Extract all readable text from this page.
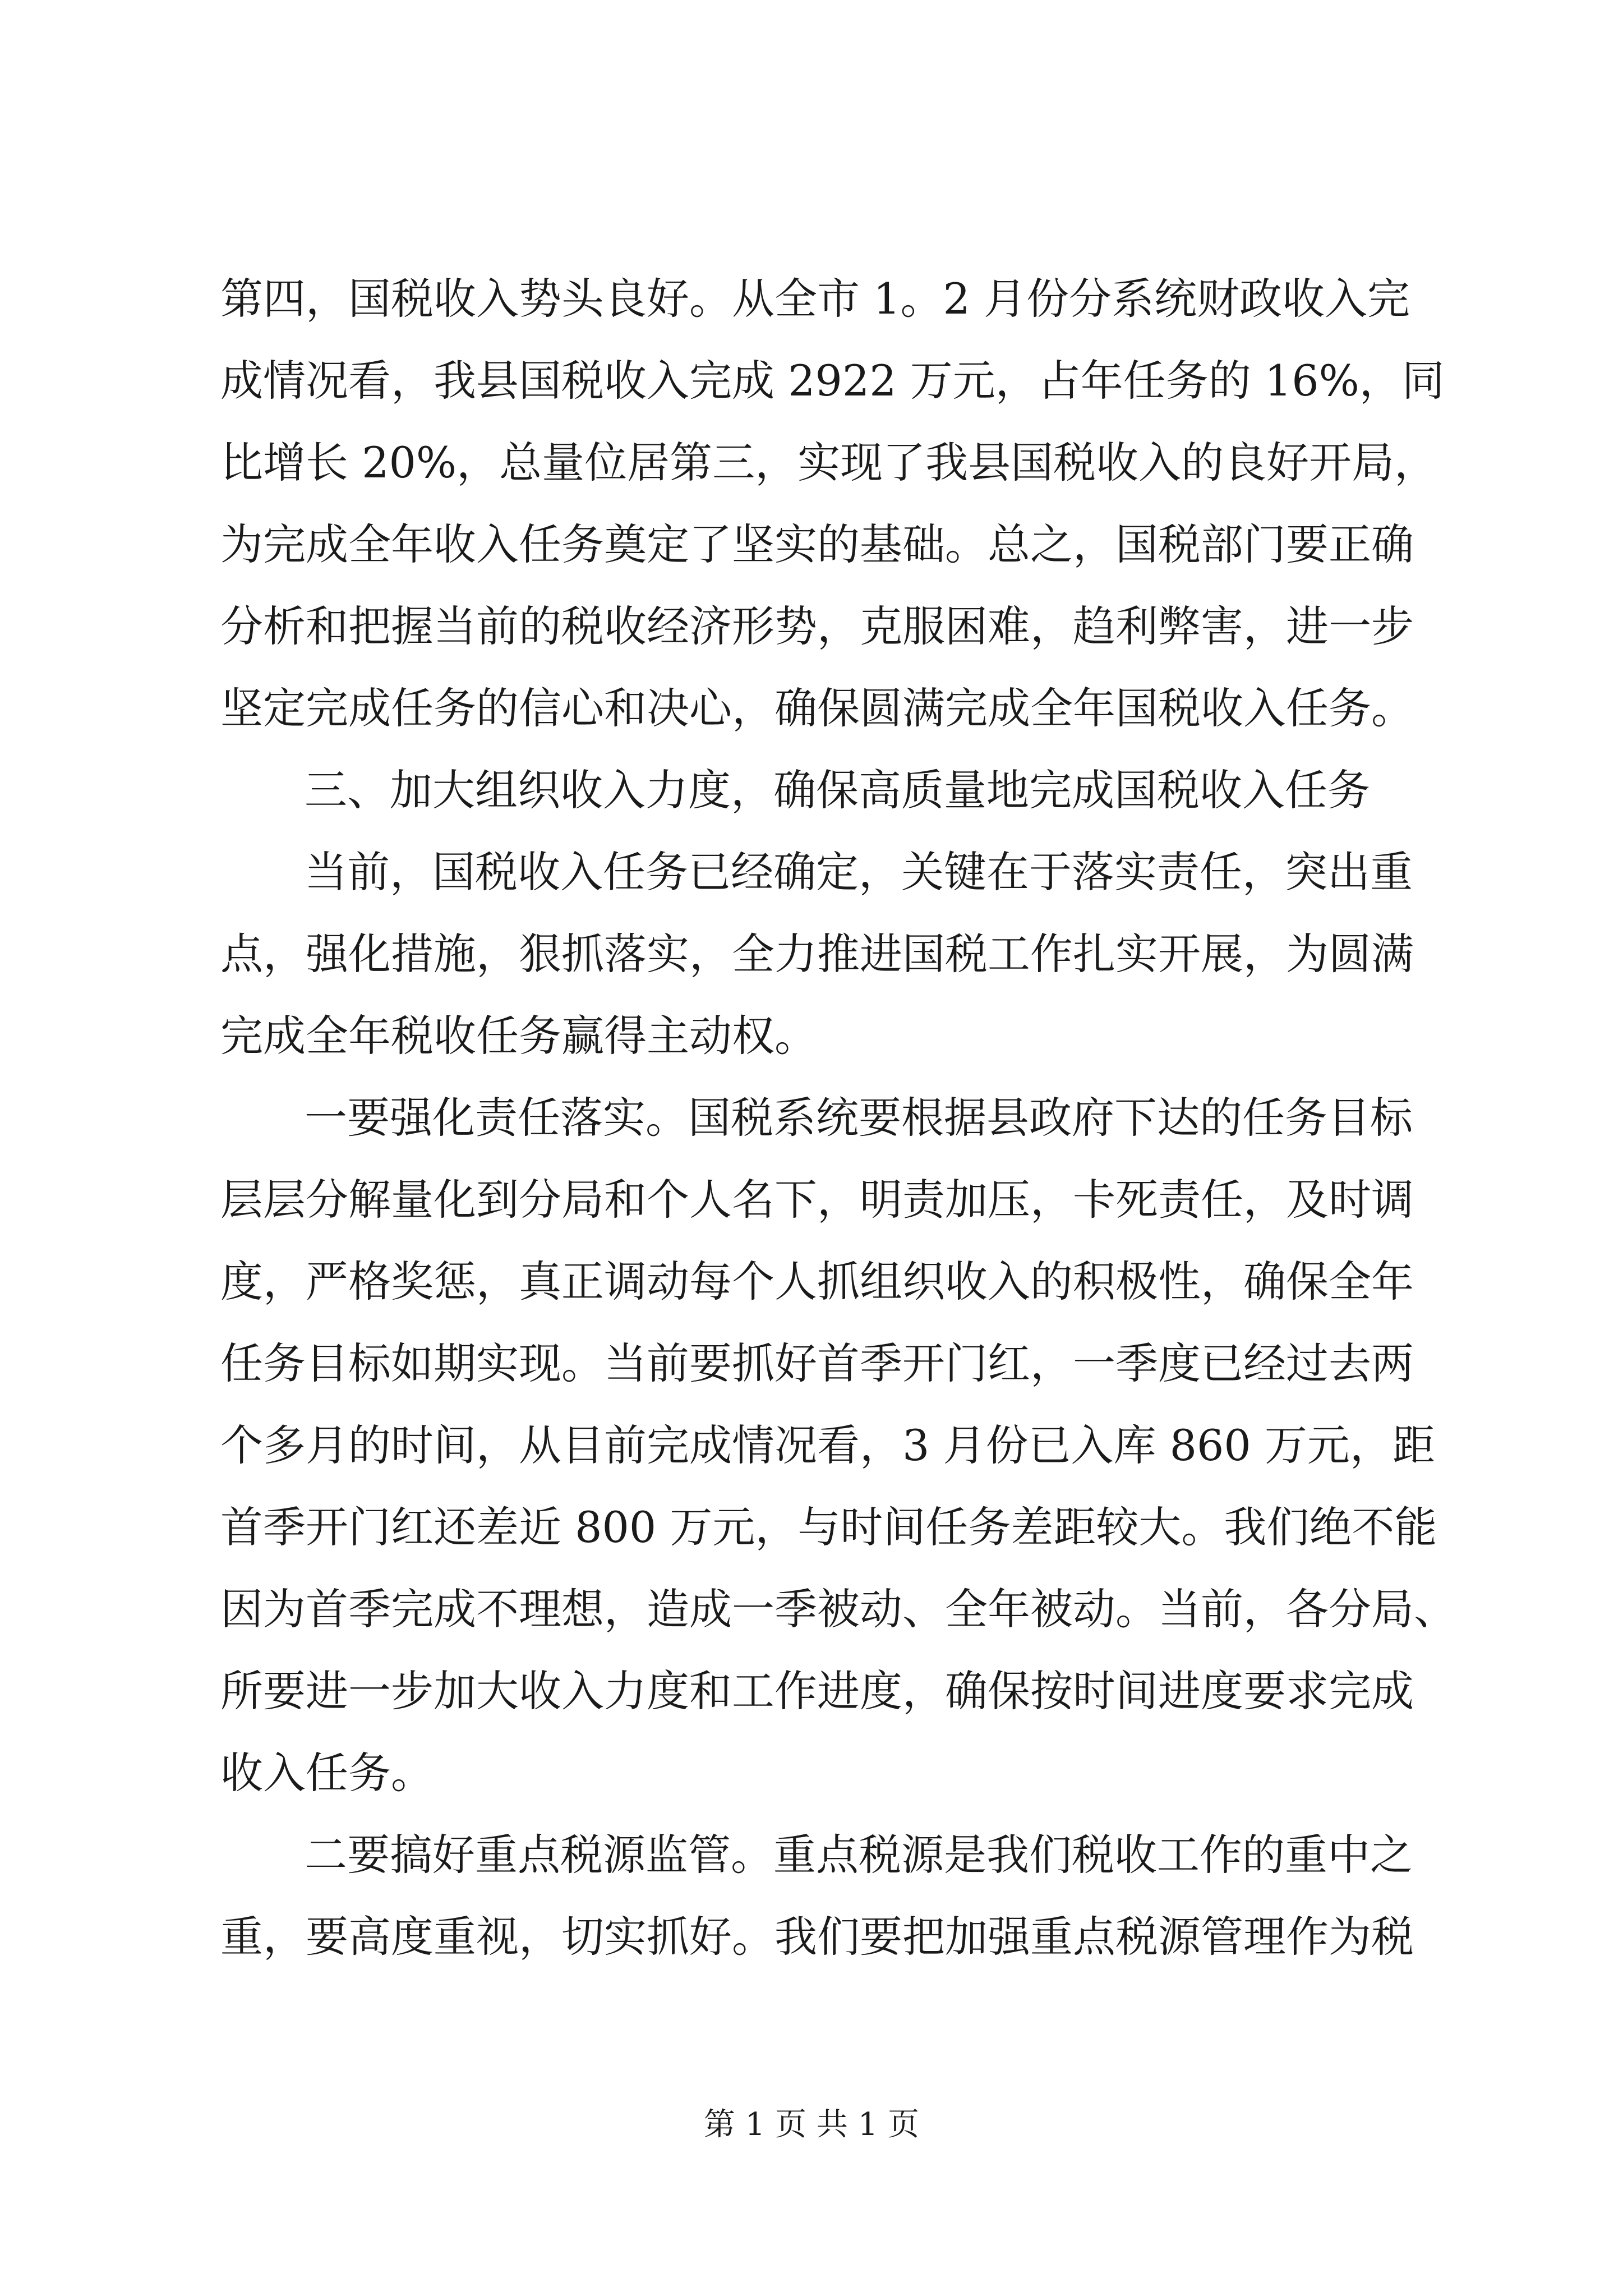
第四，国税收入势头良好。从全市 1。2 月份分系统财政收入完
成情况看，我县国税收入完成 2922 万元，占年任务的 16%，同
比增长 20%，总量位居第三，实现了我县国税收入的良好开局，
为完成全年收入任务奠定了坚实的基础。总之，国税部门要正确
分析和把握当前的税收经济形势，克服困难，趋利弊害，进一步
坚定完成任务的信心和决心，确保圆满完成全年国税收入任务。
三、加大组织收入力度，确保高质量地完成国税收入任务
当前，国税收入任务已经确定，关键在于落实责任，突出重
点，强化措施，狠抓落实，全力推进国税工作扎实开展，为圆满
完成全年税收任务赢得主动权。
一要强化责任落实。国税系统要根据县政府下达的任务目标
层层分解量化到分局和个人名下，明责加压，卡死责任，及时调
度，严格奖惩，真正调动每个人抓组织收入的积极性，确保全年
任务目标如期实现。当前要抓好首季开门红，一季度已经过去两
个多月的时间，从目前完成情况看，3 月份已入库 860 万元，距
首季开门红还差近 800 万元，与时间任务差距较大。我们绝不能
因为首季完成不理想，造成一季被动、全年被动。当前，各分局、
所要进一步加大收入力度和工作进度，确保按时间进度要求完成
收入任务。
二要搞好重点税源监管。重点税源是我们税收工作的重中之
重，要高度重视，切实抓好。我们要把加强重点税源管理作为税
第 1 页 共 1 页
